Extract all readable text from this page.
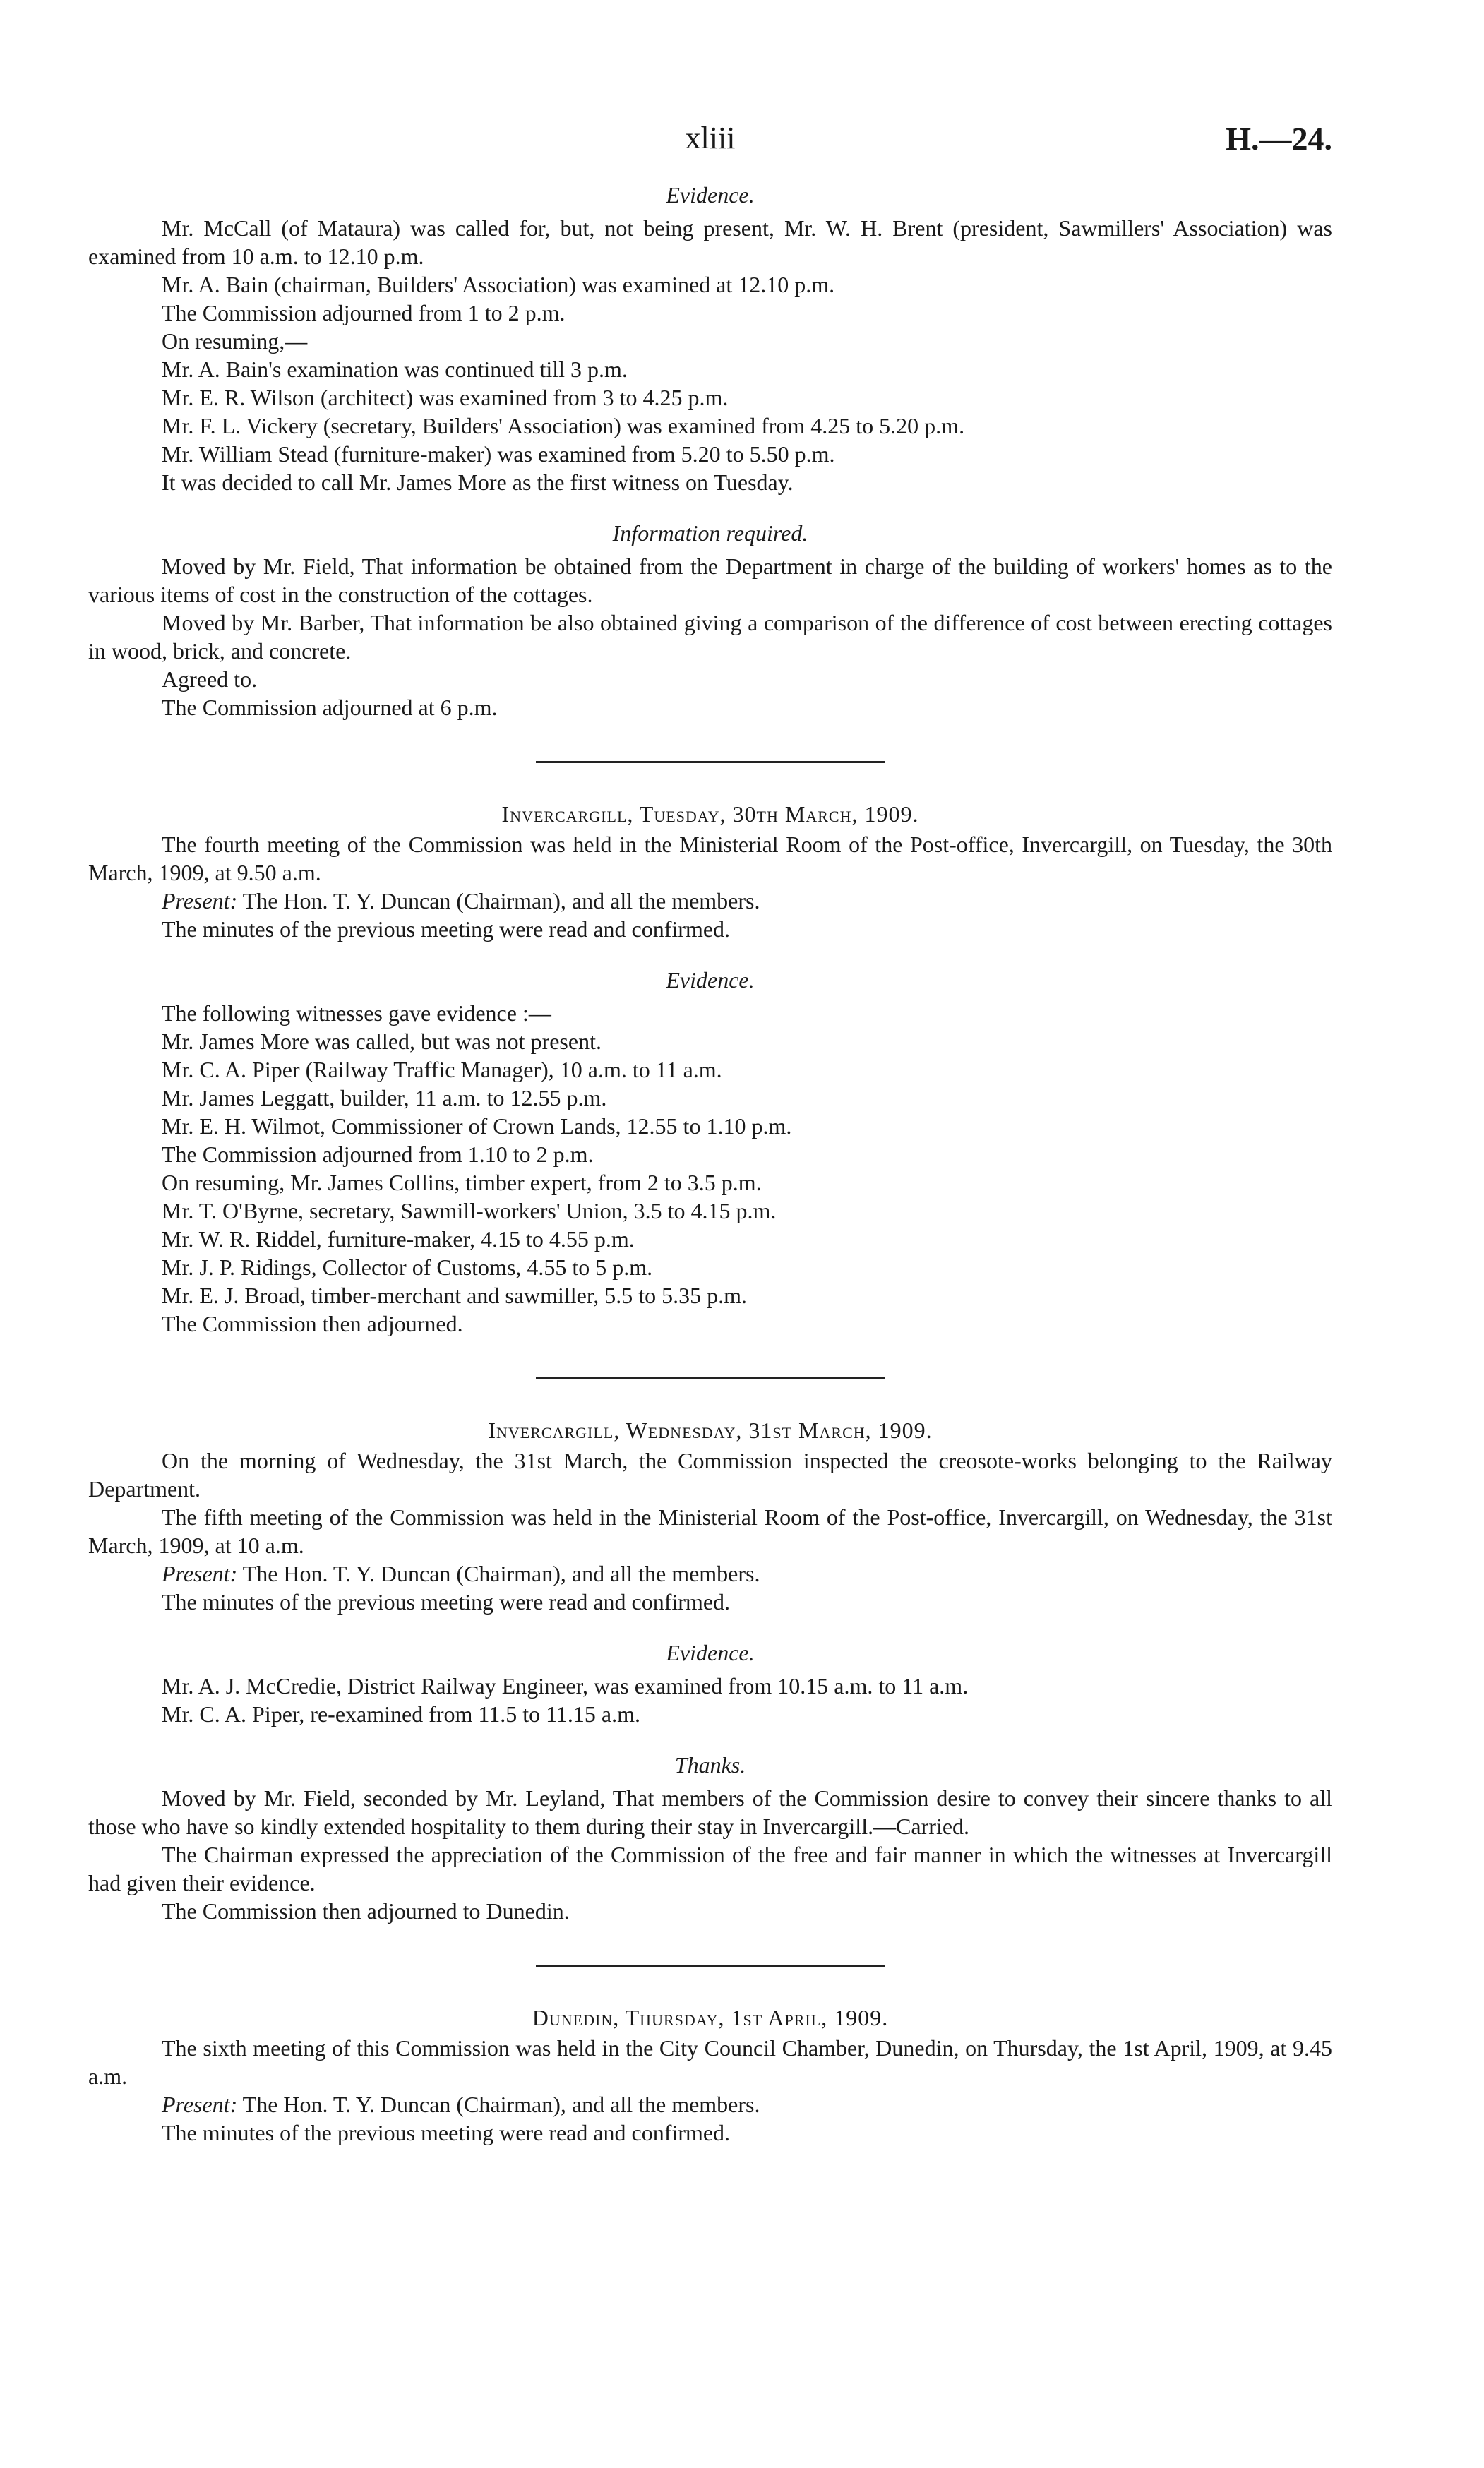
xliii	H.—24.
Evidence.

Mr. McCall (of Mataura) was called for, but, not being present, Mr. W. H. Brent (president, Sawmillers' Association) was examined from 10 a.m. to 12.10 p.m.

Mr. A. Bain (chairman, Builders' Association) was examined at 12.10 p.m.

The Commission adjourned from 1 to 2 p.m.

On resuming,—

Mr. A. Bain's examination was continued till 3 p.m.

Mr. E. R. Wilson (architect) was examined from 3 to 4.25 p.m.

Mr. F. L. Vickery (secretary, Builders' Association) was examined from 4.25 to 5.20 p.m.

Mr. William Stead (furniture-maker) was examined from 5.20 to 5.50 p.m.

It was decided to call Mr. James More as the first witness on Tuesday.

Information required.

Moved by Mr. Field, That information be obtained from the Department in charge of the building of workers' homes as to the various items of cost in the construction of the cottages.

Moved by Mr. Barber, That information be also obtained giving a comparison of the difference of cost between erecting cottages in wood, brick, and concrete.

Agreed to.

The Commission adjourned at 6 p.m.

Invercargill, Tuesday, 30th March, 1909.

The fourth meeting of the Commission was held in the Ministerial Room of the Post-office, Invercargill, on Tuesday, the 30th March, 1909, at 9.50 a.m.

Present: The Hon. T. Y. Duncan (Chairman), and all the members.

The minutes of the previous meeting were read and confirmed.

Evidence.

The following witnesses gave evidence :—

Mr. James More was called, but was not present.

Mr. C. A. Piper (Railway Traffic Manager), 10 a.m. to 11 a.m.

Mr. James Leggatt, builder, 11 a.m. to 12.55 p.m.

Mr. E. H. Wilmot, Commissioner of Crown Lands, 12.55 to 1.10 p.m.

The Commission adjourned from 1.10 to 2 p.m.

On resuming, Mr. James Collins, timber expert, from 2 to 3.5 p.m.

Mr. T. O'Byrne, secretary, Sawmill-workers' Union, 3.5 to 4.15 p.m.

Mr. W. R. Riddel, furniture-maker, 4.15 to 4.55 p.m.

Mr. J. P. Ridings, Collector of Customs, 4.55 to 5 p.m.

Mr. E. J. Broad, timber-merchant and sawmiller, 5.5 to 5.35 p.m.

The Commission then adjourned.

Invercargill, Wednesday, 31st March, 1909.

On the morning of Wednesday, the 31st March, the Commission inspected the creosote-works belonging to the Railway Department.

The fifth meeting of the Commission was held in the Ministerial Room of the Post-office, Invercargill, on Wednesday, the 31st March, 1909, at 10 a.m.

Present: The Hon. T. Y. Duncan (Chairman), and all the members.

The minutes of the previous meeting were read and confirmed.

Evidence.

Mr. A. J. McCredie, District Railway Engineer, was examined from 10.15 a.m. to 11 a.m.

Mr. C. A. Piper, re-examined from 11.5 to 11.15 a.m.

Thanks.

Moved by Mr. Field, seconded by Mr. Leyland, That members of the Commission desire to convey their sincere thanks to all those who have so kindly extended hospitality to them during their stay in Invercargill.—Carried.

The Chairman expressed the appreciation of the Commission of the free and fair manner in which the witnesses at Invercargill had given their evidence.

The Commission then adjourned to Dunedin.

Dunedin, Thursday, 1st April, 1909.

The sixth meeting of this Commission was held in the City Council Chamber, Dunedin, on Thursday, the 1st April, 1909, at 9.45 a.m.

Present: The Hon. T. Y. Duncan (Chairman), and all the members.

The minutes of the previous meeting were read and confirmed.
